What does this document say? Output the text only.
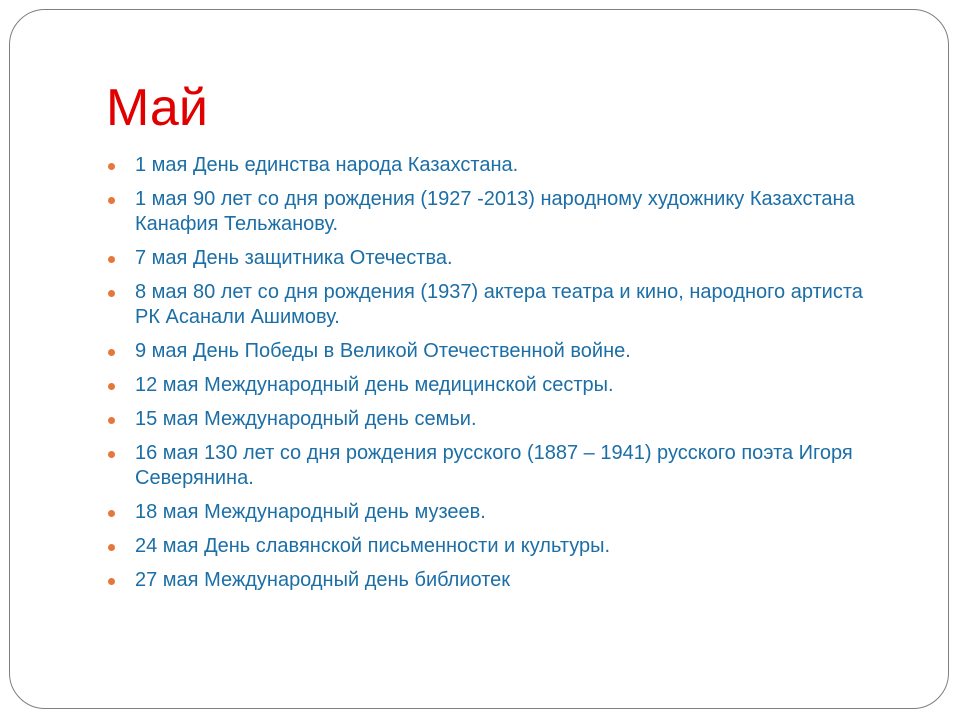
Май
1 мая День единства народа Казахстана.
1 мая 90 лет со дня рождения (1927 -2013) народному художнику Казахстана Канафия Тельжанову.
7 мая День защитника Отечества.
8 мая 80 лет со дня рождения (1937) актера театра и кино, народного артиста РК Асанали Ашимову.
9 мая День Победы в Великой Отечественной войне.
12 мая Международный день медицинской сестры.
15 мая Международный день семьи.
16 мая 130 лет со дня рождения русского (1887 – 1941) русского поэта Игоря Северянина.
18 мая Международный день музеев.
24 мая День славянской письменности и культуры.
27 мая Международный день библиотек
